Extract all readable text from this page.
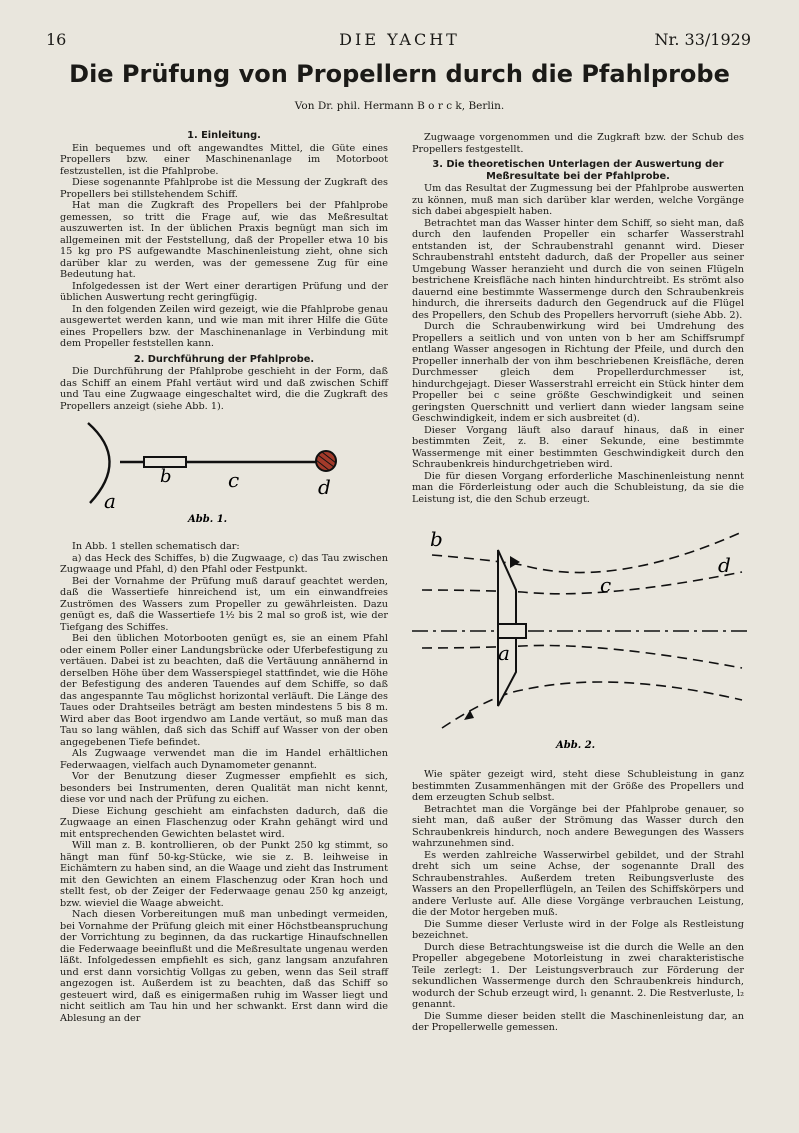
16	DIE YACHT	Nr. 33/1929
Die Prüfung von Propellern durch die Pfahlprobe
Von Dr. phil. Hermann B o r c k, Berlin.

1. Einleitung.

Ein bequemes und oft angewandtes Mittel, die Güte eines Propellers bzw. einer Maschinenanlage im Motorboot festzustellen, ist die Pfahlprobe.

Diese sogenannte Pfahlprobe ist die Messung der Zugkraft des Propellers bei stillstehendem Schiff.

Hat man die Zugkraft des Propellers bei der Pfahlprobe gemessen, so tritt die Frage auf, wie das Meßresultat auszuwerten ist. In der üblichen Praxis begnügt man sich im allgemeinen mit der Feststellung, daß der Propeller etwa 10 bis 15 kg pro PS aufgewandte Maschinenleistung zieht, ohne sich darüber klar zu werden, was der gemessene Zug für eine Bedeutung hat.

Infolgedessen ist der Wert einer derartigen Prüfung und der üblichen Auswertung recht geringfügig.

In den folgenden Zeilen wird gezeigt, wie die Pfahlprobe genau ausgewertet werden kann, und wie man mit ihrer Hilfe die Güte eines Propellers bzw. der Maschinenanlage in Verbindung mit dem Propeller feststellen kann.

2. Durchführung der Pfahlprobe.

Die Durchführung der Pfahlprobe geschieht in der Form, daß das Schiff an einem Pfahl vertäut wird und daß zwischen Schiff und Tau eine Zugwaage eingeschaltet wird, die die Zugkraft des Propellers anzeigt (siehe Abb. 1).

a
b	c	d
Abb. 1.

In Abb. 1 stellen schematisch dar:

a) das Heck des Schiffes, b) die Zugwaage, c) das Tau zwischen Zugwaage und Pfahl, d) den Pfahl oder Festpunkt.

Bei der Vornahme der Prüfung muß darauf geachtet werden, daß die Wassertiefe hinreichend ist, um ein einwandfreies Zuströmen des Wassers zum Propeller zu gewährleisten. Dazu genügt es, daß die Wassertiefe 1½ bis 2 mal so groß ist, wie der Tiefgang des Schiffes.

Bei den üblichen Motorbooten genügt es, sie an einem Pfahl oder einem Poller einer Landungsbrücke oder Uferbefestigung zu vertäuen. Dabei ist zu beachten, daß die Vertäuung annähernd in derselben Höhe über dem Wasserspiegel stattfindet, wie die Höhe der Befestigung des anderen Tauendes auf dem Schiffe, so daß das angespannte Tau möglichst horizontal verläuft. Die Länge des Taues oder Drahtseiles beträgt am besten mindestens 5 bis 8 m. Wird aber das Boot irgendwo am Lande vertäut, so muß man das Tau so lang wählen, daß sich das Schiff auf Wasser von der oben angegebenen Tiefe befindet.

Als Zugwaage verwendet man die im Handel erhältlichen Federwaagen, vielfach auch Dynamometer genannt.

Vor der Benutzung dieser Zugmesser empfiehlt es sich, besonders bei Instrumenten, deren Qualität man nicht kennt, diese vor und nach der Prüfung zu eichen.

Diese Eichung geschieht am einfachsten dadurch, daß die Zugwaage an einen Flaschenzug oder Krahn gehängt wird und mit entsprechenden Gewichten belastet wird.

Will man z. B. kontrollieren, ob der Punkt 250 kg stimmt, so hängt man fünf 50-kg-Stücke, wie sie z. B. leihweise in Eichämtern zu haben sind, an die Waage und zieht das Instrument mit den Gewichten an einem Flaschenzug oder Kran hoch und stellt fest, ob der Zeiger der Federwaage genau 250 kg anzeigt, bzw. wieviel die Waage abweicht.

Nach diesen Vorbereitungen muß man unbedingt vermeiden, bei Vornahme der Prüfung gleich mit einer Höchstbeanspruchung der Vorrichtung zu beginnen, da das ruckartige Hinaufschnellen die Federwaage beeinflußt und die Meßresultate ungenau werden läßt. Infolgedessen empfiehlt es sich, ganz langsam anzufahren und erst dann vorsichtig Vollgas zu geben, wenn das Seil straff angezogen ist. Außerdem ist zu beachten, daß das Schiff so gesteuert wird, daß es einigermaßen ruhig im Wasser liegt und nicht seitlich am Tau hin und her schwankt. Erst dann wird die Ablesung an der

Zugwaage vorgenommen und die Zugkraft bzw. der Schub des Propellers festgestellt.

3. Die theoretischen Unterlagen der Auswertung der Meßresultate bei der Pfahlprobe.

Um das Resultat der Zugmessung bei der Pfahlprobe auswerten zu können, muß man sich darüber klar werden, welche Vorgänge sich dabei abgespielt haben.

Betrachtet man das Wasser hinter dem Schiff, so sieht man, daß durch den laufenden Propeller ein scharfer Wasserstrahl entstanden ist, der Schraubenstrahl genannt wird. Dieser Schraubenstrahl entsteht dadurch, daß der Propeller aus seiner Umgebung Wasser heranzieht und durch die von seinen Flügeln bestrichene Kreisfläche nach hinten hindurchtreibt. Es strömt also dauernd eine bestimmte Wassermenge durch den Schraubenkreis hindurch, die ihrerseits dadurch den Gegendruck auf die Flügel des Propellers, den Schub des Propellers hervorruft (siehe Abb. 2).

Durch die Schraubenwirkung wird bei Umdrehung des Propellers a seitlich und von unten von b her am Schiffsrumpf entlang Wasser angesogen in Richtung der Pfeile, und durch den Propeller innerhalb der von ihm beschriebenen Kreisfläche, deren Durchmesser gleich dem Propellerdurchmesser ist, hindurchgejagt. Dieser Wasserstrahl erreicht ein Stück hinter dem Propeller bei c seine größte Geschwindigkeit und seinen geringsten Querschnitt und verliert dann wieder langsam seine Geschwindigkeit, indem er sich ausbreitet (d).

Dieser Vorgang läuft also darauf hinaus, daß in einer bestimmten Zeit, z. B. einer Sekunde, eine bestimmte Wassermenge mit einer bestimmten Geschwindigkeit durch den Schraubenkreis hindurchgetrieben wird.

Die für diesen Vorgang erforderliche Maschinenleistung nennt man die Förderleistung oder auch die Schubleistung, da sie die Leistung ist, die den Schub erzeugt.

b
c
d
a
Abb. 2.

Wie später gezeigt wird, steht diese Schubleistung in ganz bestimmten Zusammenhängen mit der Größe des Propellers und dem erzeugten Schub selbst.

Betrachtet man die Vorgänge bei der Pfahlprobe genauer, so sieht man, daß außer der Strömung das Wasser durch den Schraubenkreis hindurch, noch andere Bewegungen des Wassers wahrzunehmen sind.

Es werden zahlreiche Wasserwirbel gebildet, und der Strahl dreht sich um seine Achse, der sogenannte Drall des Schraubenstrahles. Außerdem treten Reibungsverluste des Wassers an den Propellerflügeln, an Teilen des Schiffskörpers und andere Verluste auf. Alle diese Vorgänge verbrauchen Leistung, die der Motor hergeben muß.

Die Summe dieser Verluste wird in der Folge als Restleistung bezeichnet.

Durch diese Betrachtungsweise ist die durch die Welle an den Propeller abgegebene Motorleistung in zwei charakteristische Teile zerlegt: 1. Der Leistungsverbrauch zur Förderung der sekundlichen Wassermenge durch den Schraubenkreis hindurch, wodurch der Schub erzeugt wird, l₁ genannt. 2. Die Restverluste, l₂ genannt.

Die Summe dieser beiden stellt die Maschinenleistung dar, an der Propellerwelle gemessen.
